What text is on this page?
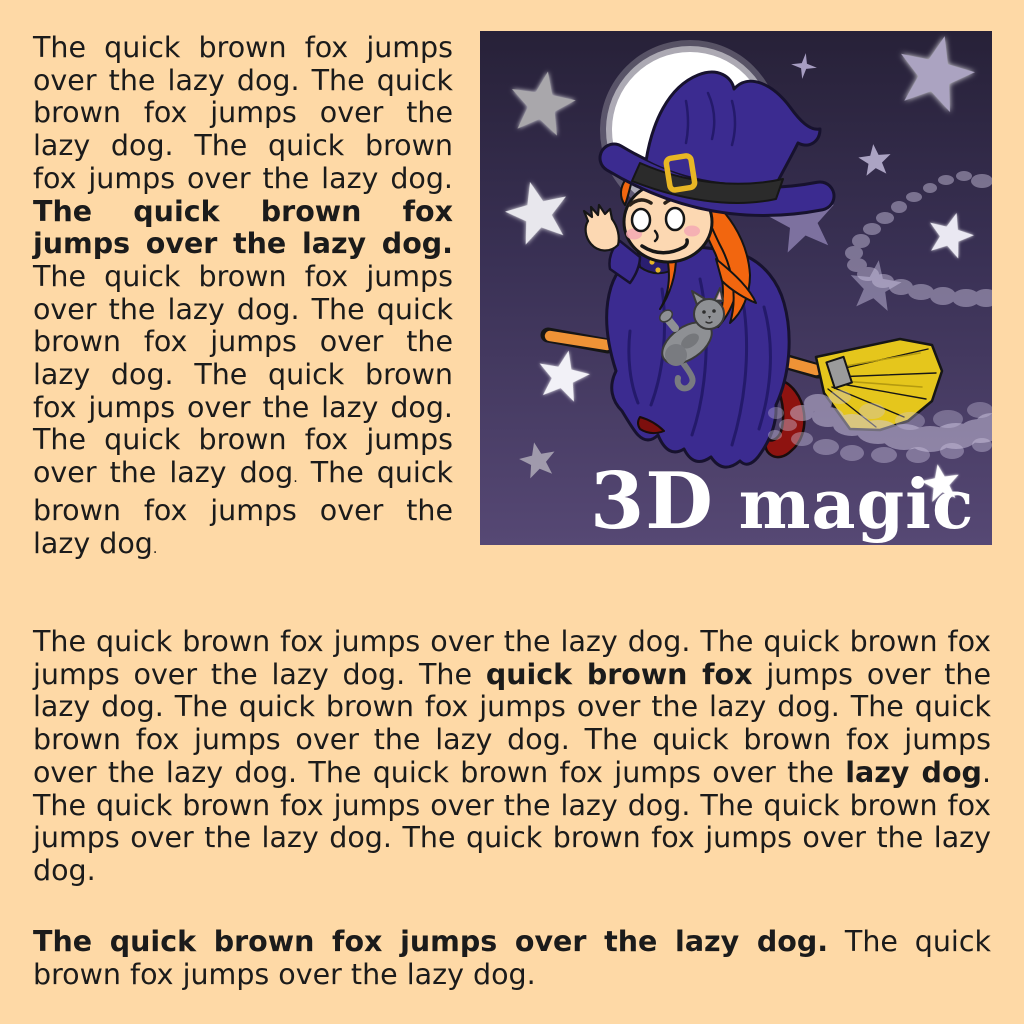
The quick brown fox jumps over the lazy dog. The quick brown fox jumps over the lazy dog. The quick brown fox jumps over the lazy dog. The quick brown fox jumps over the lazy dog. The quick brown fox jumps over the lazy dog. The quick brown fox jumps over the lazy dog. The quick brown fox jumps over the lazy dog. The quick brown fox jumps over the lazy dog. The quick brown fox jumps over the lazy dog.
3D magic
The quick brown fox jumps over the lazy dog. The quick brown fox jumps over the lazy dog. The quick brown fox jumps over the lazy dog. The quick brown fox jumps over the lazy dog. The quick brown fox jumps over the lazy dog. The quick brown fox jumps over the lazy dog. The quick brown fox jumps over the lazy dog. The quick brown fox jumps over the lazy dog. The quick brown fox jumps over the lazy dog. The quick brown fox jumps over the lazy dog.
The quick brown fox jumps over the lazy dog. The quick brown fox jumps over the lazy dog.
